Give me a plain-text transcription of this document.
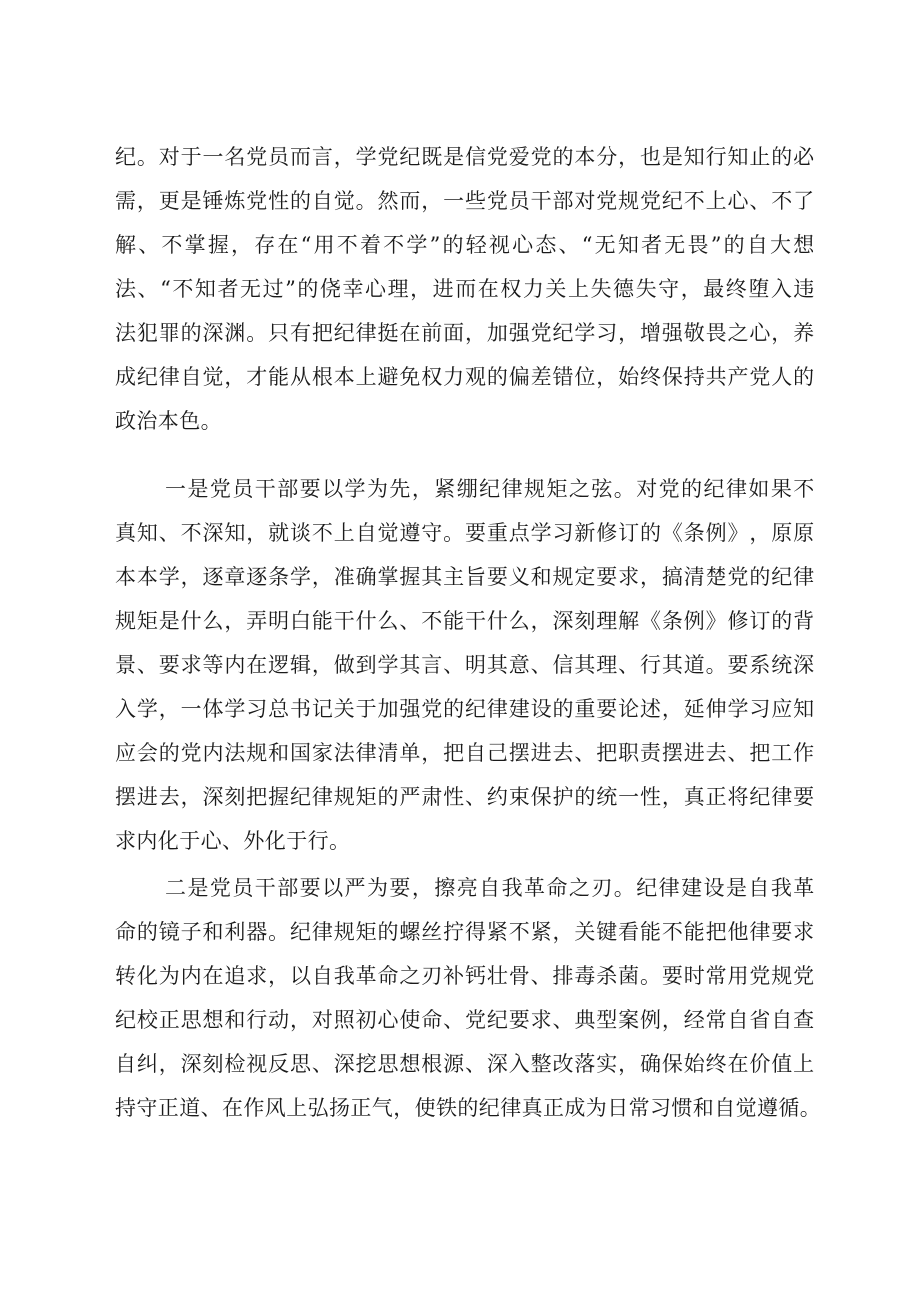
纪 。 对 于 一 名 党 员 而 言 ， 学 党 纪 既 是 信 党 爱 党 的 本 分 ， 也 是 知 行 知 止 的 必
需 ， 更 是 锤 炼 党 性 的 自 觉 。 然 而 ， 一 些 党 员 干 部 对 党 规 党 纪 不 上 心 、 不 了
解 、 不 掌 握 ， 存 在 “ 用 不 着 不 学 ” 的 轻 视 心 态 、 “ 无 知 者 无 畏 ” 的 自 大 想
法 、 “ 不 知 者 无 过 ” 的 侥 幸 心 理 ， 进 而 在 权 力 关 上 失 德 失 守 ， 最 终 堕 入 违
法 犯 罪 的 深 渊 。 只 有 把 纪 律 挺 在 前 面 ， 加 强 党 纪 学 习 ， 增 强 敬 畏 之 心 ， 养
成 纪 律 自 觉 ， 才 能 从 根 本 上 避 免 权 力 观 的 偏 差 错 位 ， 始 终 保 持 共 产 党 人 的
政治本色。
一 是 党 员 干 部 要 以 学 为 先 ， 紧 绷 纪 律 规 矩 之 弦 。 对 党 的 纪 律 如 果 不
真 知 、 不 深 知 ， 就 谈 不 上 自 觉 遵 守 。 要 重 点 学 习 新 修 订 的 《 条 例 》 ， 原 原
本 本 学 ， 逐 章 逐 条 学 ， 准 确 掌 握 其 主 旨 要 义 和 规 定 要 求 ， 搞 清 楚 党 的 纪 律
规 矩 是 什 么 ， 弄 明 白 能 干 什 么 、 不 能 干 什 么 ， 深 刻 理 解 《 条 例 》 修 订 的 背
景 、 要 求 等 内 在 逻 辑 ， 做 到 学 其 言 、 明 其 意 、 信 其 理 、 行 其 道 。 要 系 统 深
入 学 ， 一 体 学 习 总 书 记 关 于 加 强 党 的 纪 律 建 设 的 重 要 论 述 ， 延 伸 学 习 应 知
应 会 的 党 内 法 规 和 国 家 法 律 清 单 ， 把 自 己 摆 进 去 、 把 职 责 摆 进 去 、 把 工 作
摆 进 去 ， 深 刻 把 握 纪 律 规 矩 的 严 肃 性 、 约 束 保 护 的 统 一 性 ， 真 正 将 纪 律 要
求内化于心、外化于行。
二 是 党 员 干 部 要 以 严 为 要 ， 擦 亮 自 我 革 命 之 刃 。 纪 律 建 设 是 自 我 革
命 的 镜 子 和 利 器 。 纪 律 规 矩 的 螺 丝 拧 得 紧 不 紧 ， 关 键 看 能 不 能 把 他 律 要 求
转 化 为 内 在 追 求 ， 以 自 我 革 命 之 刃 补 钙 壮 骨 、 排 毒 杀 菌 。 要 时 常 用 党 规 党
纪 校 正 思 想 和 行 动 ， 对 照 初 心 使 命 、 党 纪 要 求 、 典 型 案 例 ， 经 常 自 省 自 查
自 纠 ， 深 刻 检 视 反 思 、 深 挖 思 想 根 源 、 深 入 整 改 落 实 ， 确 保 始 终 在 价 值 上
持守正道、在作风上弘扬正气，使铁的纪律真正成为日常习惯和自觉遵循。
